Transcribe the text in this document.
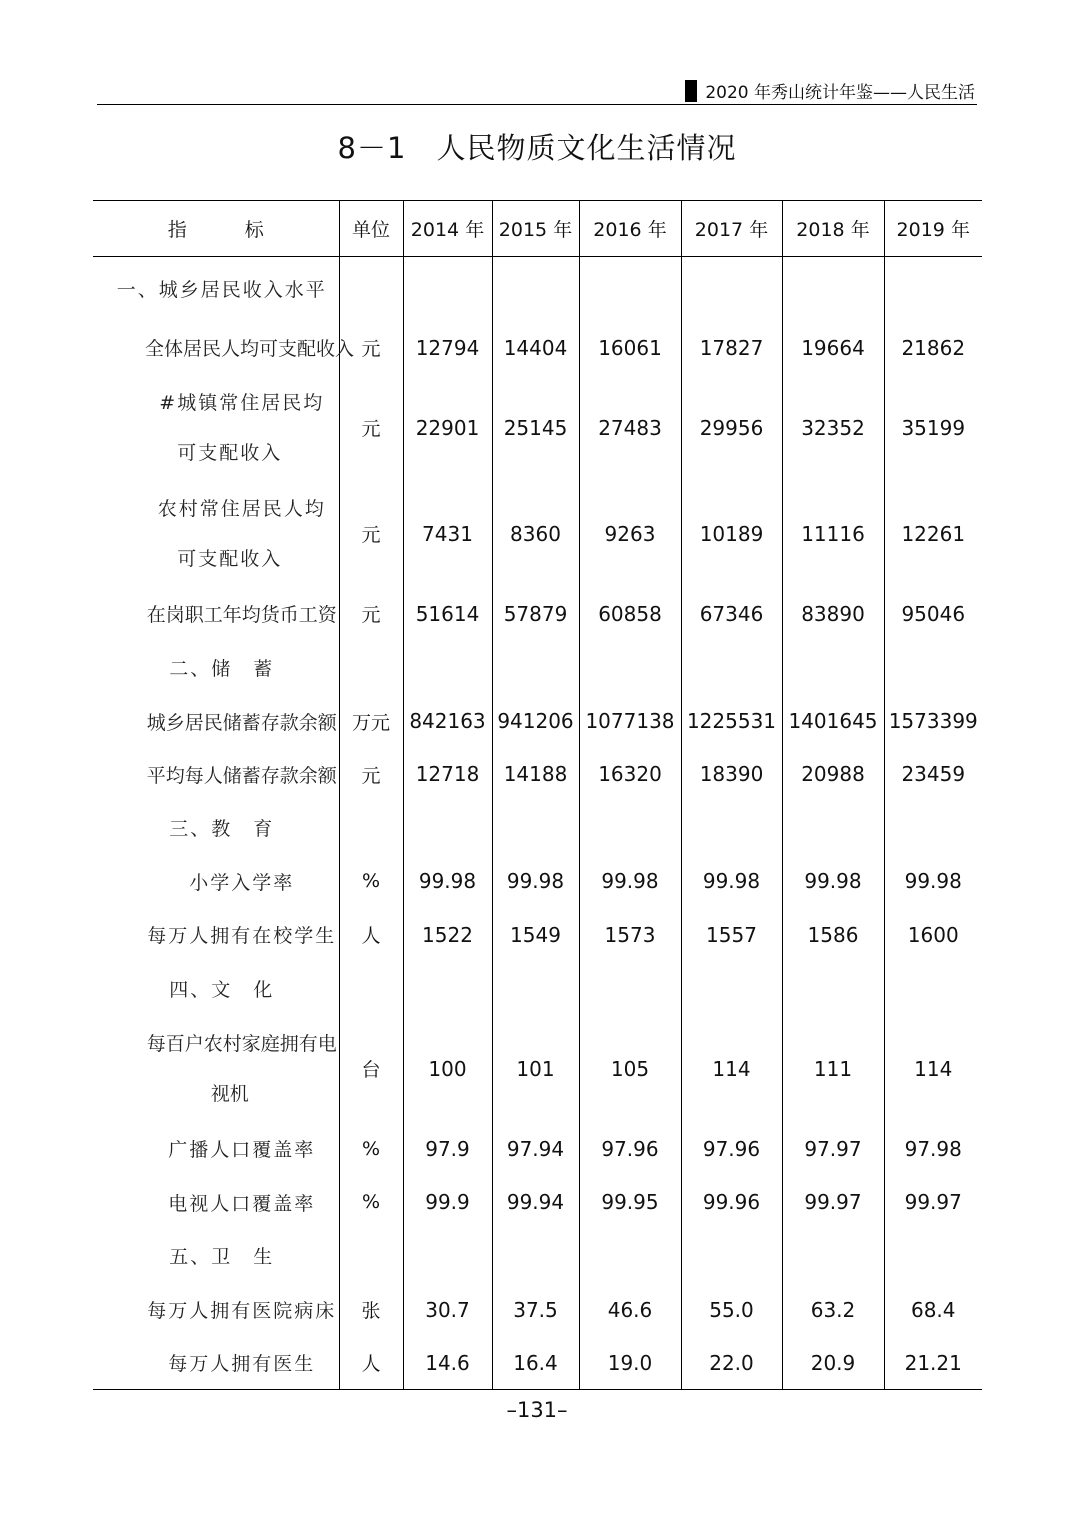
2020 年秀山统计年鉴——人民生活
8－1　人民物质文化生活情况
指标	单位	2014 年	2015 年	2016 年	2017 年	2018 年	2019 年
一、城乡居民收入水平							
全体居民人均可支配收入	元	12794	14404	16061	17827	19664	21862

#城镇常住居民均
可支配收入	元	22901	25145	27483	29956	32352	35199

农村常住居民人均
可支配收入	元	7431	8360	9263	10189	11116	12261
在岗职工年均货币工资	元	51614	57879	60858	67346	83890	95046
二、储　蓄							
城乡居民储蓄存款余额	万元	842163	941206	1077138	1225531	1401645	1573399
平均每人储蓄存款余额	元	12718	14188	16320	18390	20988	23459
三、教　育							
小学入学率	%	99.98	99.98	99.98	99.98	99.98	99.98
每万人拥有在校学生	人	1522	1549	1573	1557	1586	1600
四、文　化							

每百户农村家庭拥有电
视机	台	100	101	105	114	111	114
广播人口覆盖率	%	97.9	97.94	97.96	97.96	97.97	97.98
电视人口覆盖率	%	99.9	99.94	99.95	99.96	99.97	99.97
五、卫　生							
每万人拥有医院病床	张	30.7	37.5	46.6	55.0	63.2	68.4
每万人拥有医生	人	14.6	16.4	19.0	22.0	20.9	21.21
–131–
